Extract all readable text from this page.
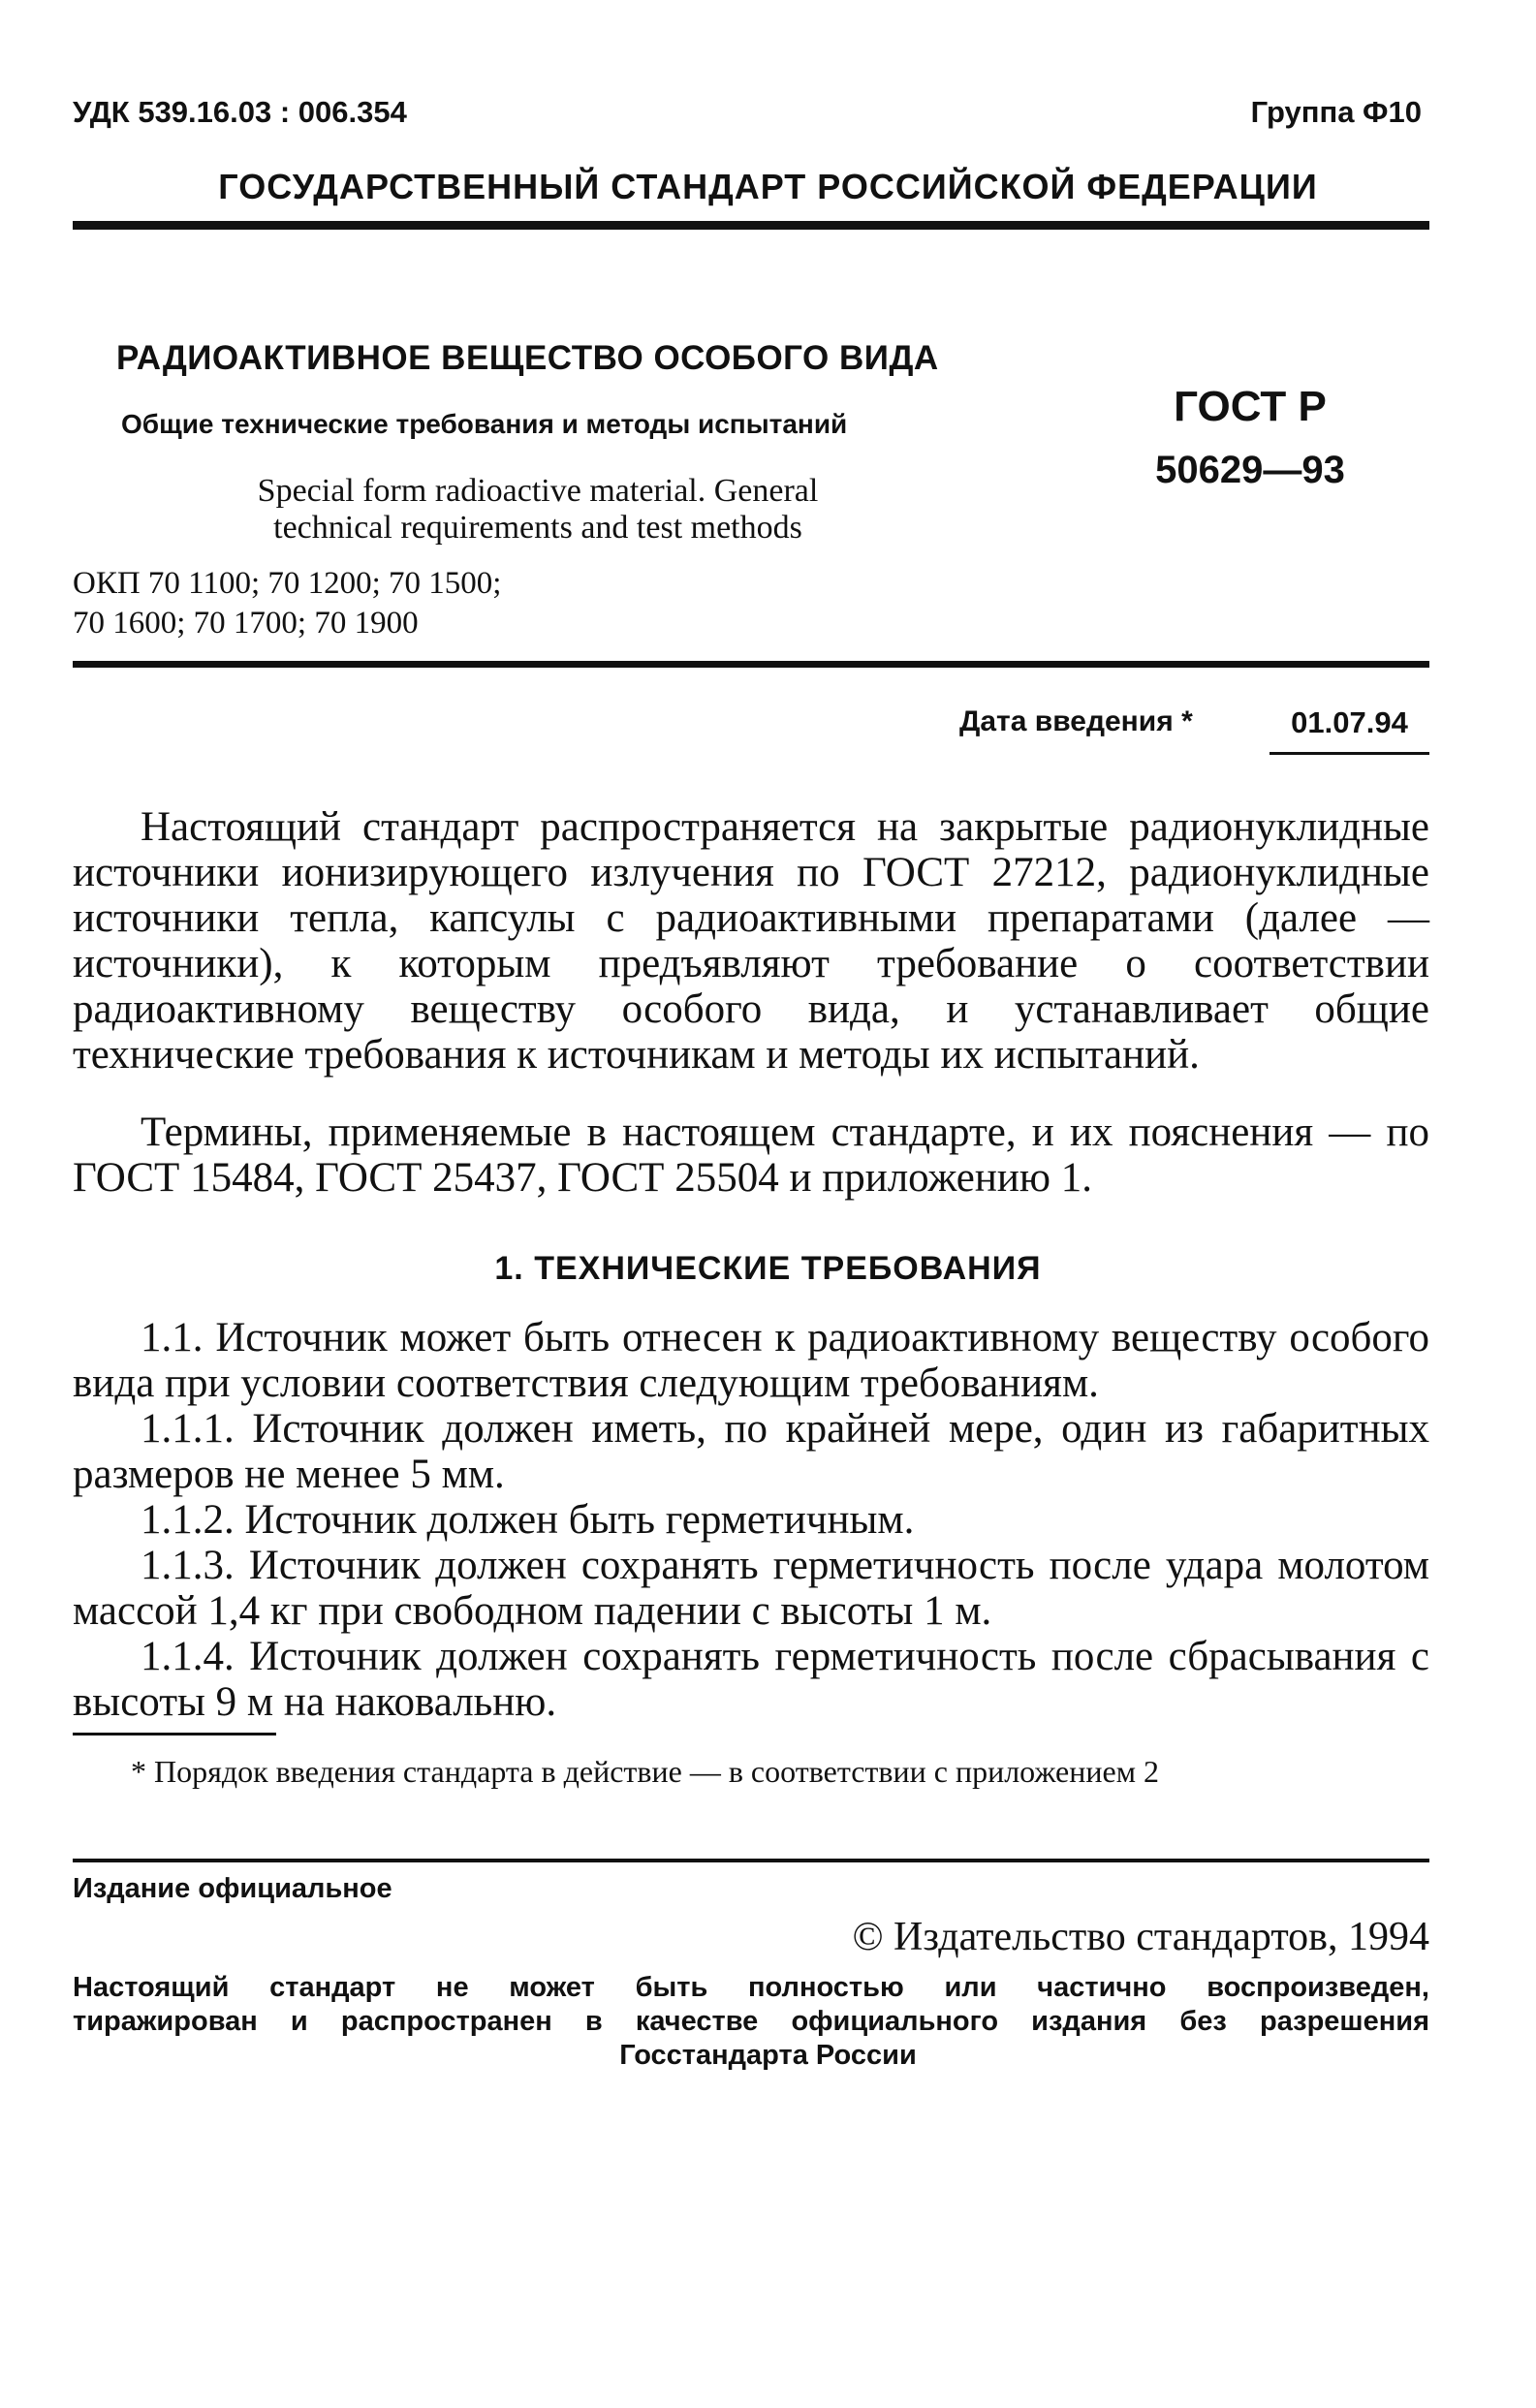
УДК 539.16.03 : 006.354	Группа Ф10
ГОСУДАРСТВЕННЫЙ СТАНДАРТ РОССИЙСКОЙ ФЕДЕРАЦИИ
РАДИОАКТИВНОЕ ВЕЩЕСТВО ОСОБОГО ВИДА
Общие технические требования и методы испытаний
Special form radioactive material. General
technical requirements and test methods
ОКП 70 1100; 70 1200; 70 1500;
70 1600; 70 1700; 70 1900
ГОСТ Р
50629—93
Дата введения *	01.07.94
Настоящий стандарт распространяется на закрытые радионуклидные источники ионизирующего излучения по ГОСТ 27212, радионуклидные источники тепла, капсулы с радиоактивными препаратами (далее — источники), к которым предъявляют требование о соответствии радиоактивному веществу особого вида, и устанавливает общие технические требования к источникам и методы их испытаний.
Термины, применяемые в настоящем стандарте, и их пояснения — по ГОСТ 15484, ГОСТ 25437, ГОСТ 25504 и приложению 1.
1. ТЕХНИЧЕСКИЕ ТРЕБОВАНИЯ
1.1. Источник может быть отнесен к радиоактивному веществу особого вида при условии соответствия следующим требованиям.
1.1.1. Источник должен иметь, по крайней мере, один из габаритных размеров не менее 5 мм.
1.1.2. Источник должен быть герметичным.
1.1.3. Источник должен сохранять герметичность после удара молотом массой 1,4 кг при свободном падении с высоты 1 м.
1.1.4. Источник должен сохранять герметичность после сбрасывания с высоты 9 м на наковальню.
* Порядок введения стандарта в действие — в соответствии с приложением 2
Издание официальное
© Издательство стандартов, 1994
Настоящий стандарт не может быть полностью или частично воспроизведен,
тиражирован и распространен в качестве официального издания без разрешения
Госстандарта России
